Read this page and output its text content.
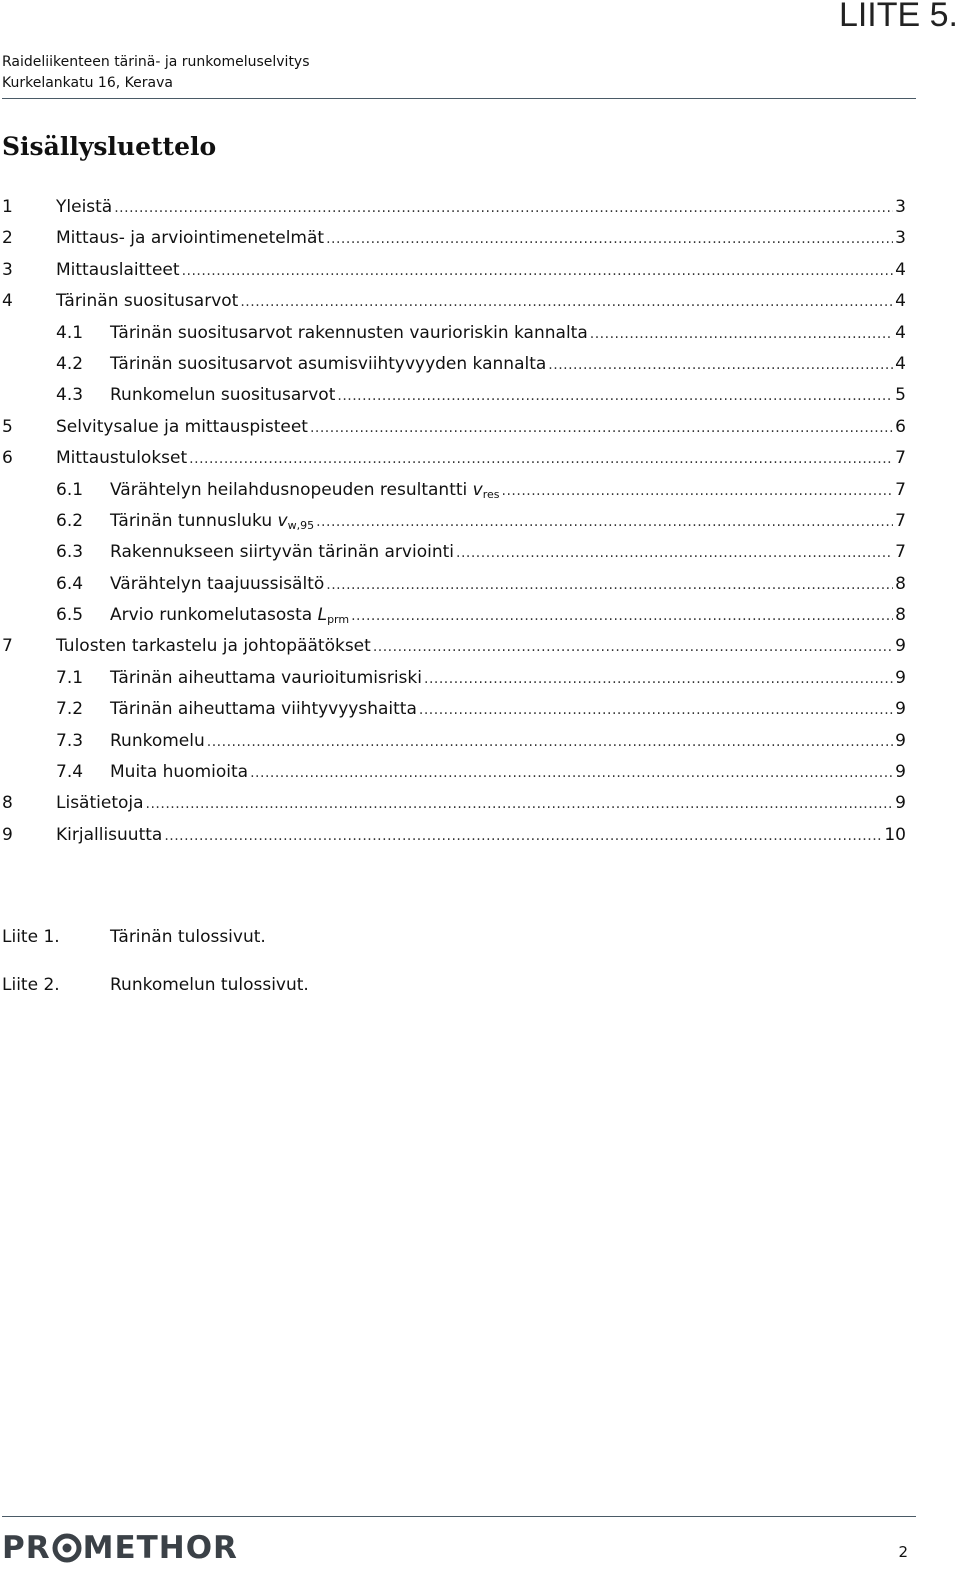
LIITE 5.
Raideliikenteen tärinä- ja runkomeluselvitys
Kurkelankatu 16, Kerava
Sisällysluettelo
1	Yleistä .....	3
2	Mittaus- ja arviointimenetelmät .....	3
3	Mittauslaitteet .....	4
4	Tärinän suositusarvot .....	4
4.1	Tärinän suositusarvot rakennusten vaurioriskin kannalta .....	4
4.2	Tärinän suositusarvot asumisviihtyvyyden kannalta .....	4
4.3	Runkomelun suositusarvot .....	5
5	Selvitysalue ja mittauspisteet .....	6
6	Mittaustulokset .....	7
6.1	Värähtelyn heilahdusnopeuden resultantti $v_{res}$ .....	7
6.2	Tärinän tunnusluku $v_{w,95}$ .....	7
6.3	Rakennukseen siirtyvän tärinän arviointi .....	7
6.4	Värähtelyn taajuussisältö .....	8
6.5	Arvio runkomelutasosta $L_{prm}$ .....	8
7	Tulosten tarkastelu ja johtopäätökset .....	9
7.1	Tärinän aiheuttama vaurioitumisriski .....	9
7.2	Tärinän aiheuttama viihtyvyyshaitta .....	9
7.3	Runkomelu .....	9
7.4	Muita huomioita .....	9
8	Lisätietoja .....	9
9	Kirjallisuutta .....	10
Liite 1.	Tärinän tulossivut.
Liite 2.	Runkomelun tulossivut.
PR METHOR	2
